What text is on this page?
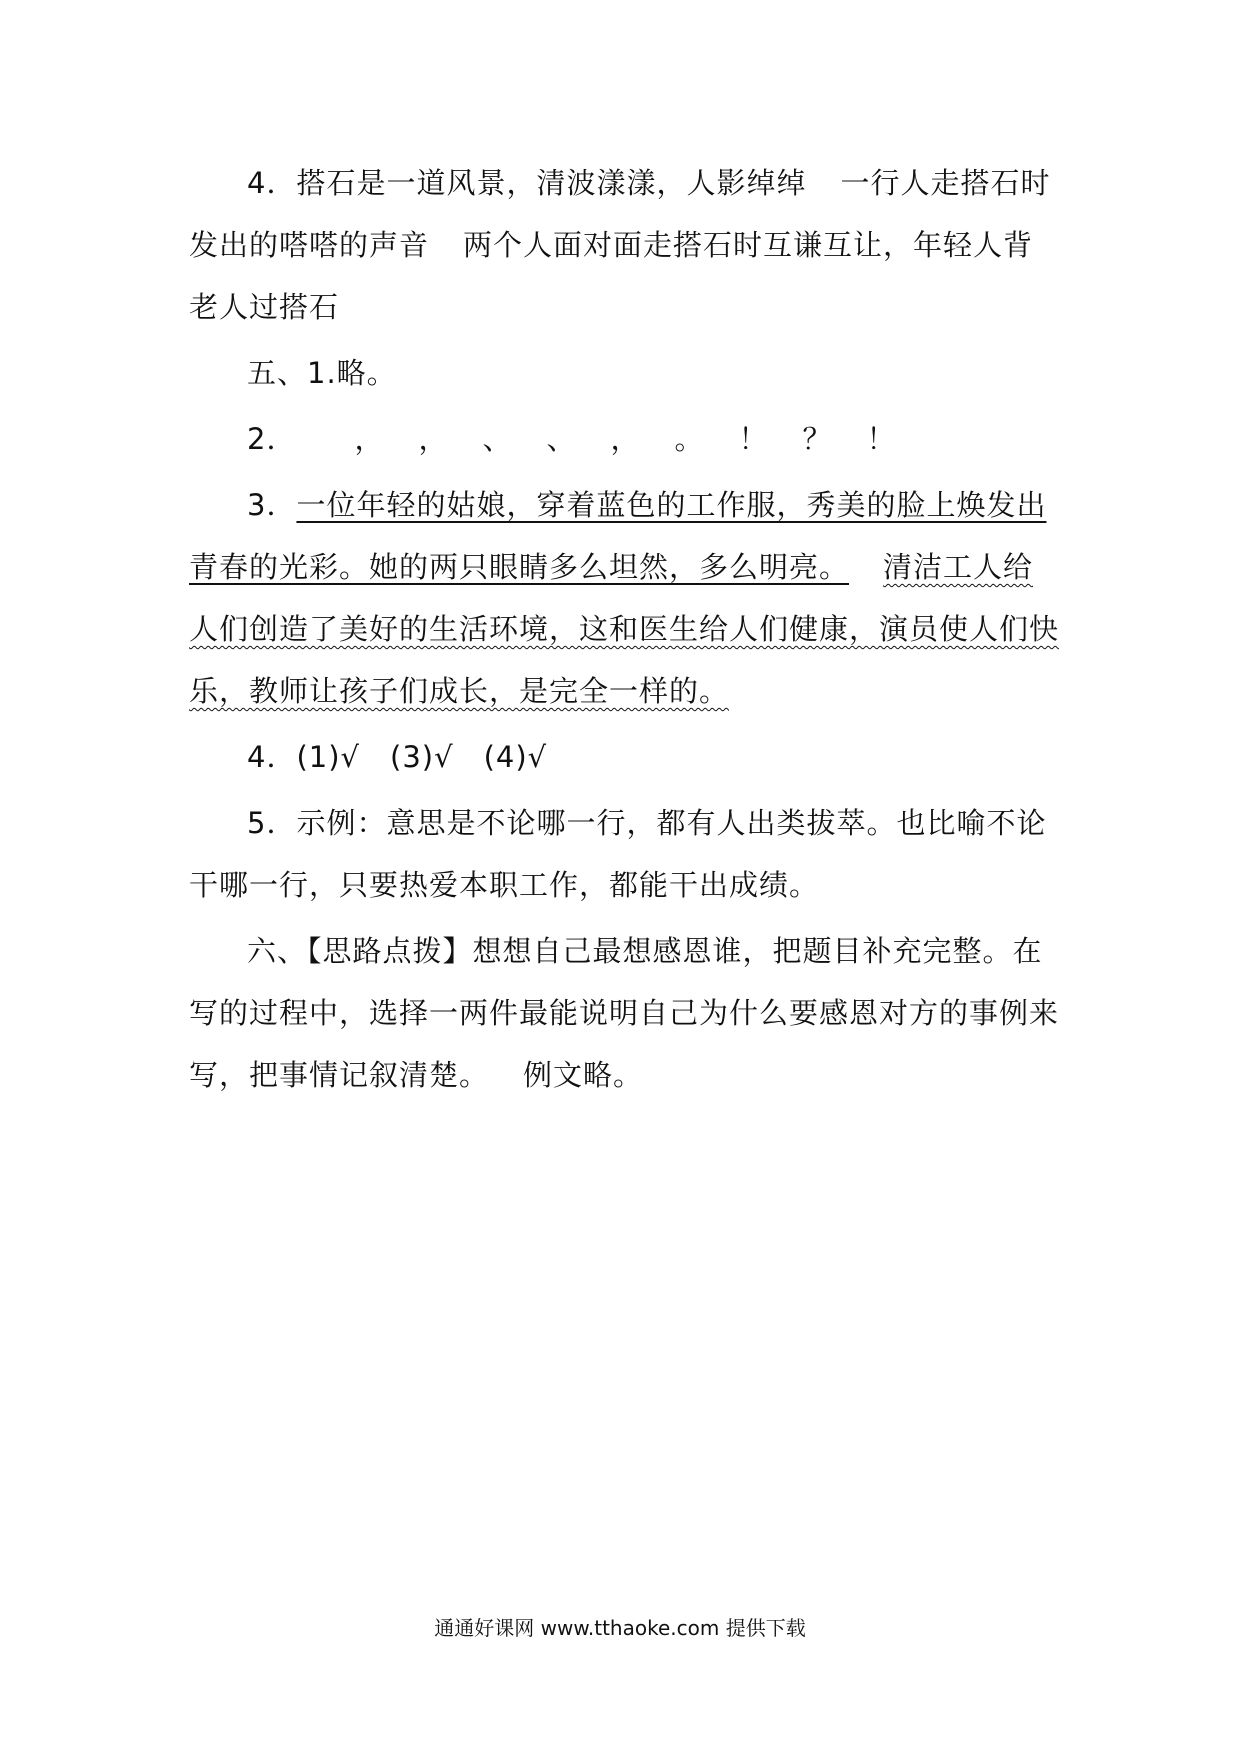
4．搭石是一道风景，清波漾漾，人影绰绰 一行人走搭石时发出的嗒嗒的声音 两个人面对面走搭石时互谦互让，年轻人背老人过搭石

五、1.略。

2． ， ， 、 、 ， 。 ！ ？ ！

3．一位年轻的姑娘，穿着蓝色的工作服，秀美的脸上焕发出青春的光彩。她的两只眼睛多么坦然，多么明亮。 清洁工人给人们创造了美好的生活环境，这和医生给人们健康，演员使人们快乐，教师让孩子们成长，是完全一样的。

4．(1)√　(3)√　(4)√

5．示例：意思是不论哪一行，都有人出类拔萃。也比喻不论干哪一行，只要热爱本职工作，都能干出成绩。

六、【思路点拨】想想自己最想感恩谁，把题目补充完整。在写的过程中，选择一两件最能说明自己为什么要感恩对方的事例来写，把事情记叙清楚。 例文略。

通通好课网 www.tthaoke.com 提供下载
